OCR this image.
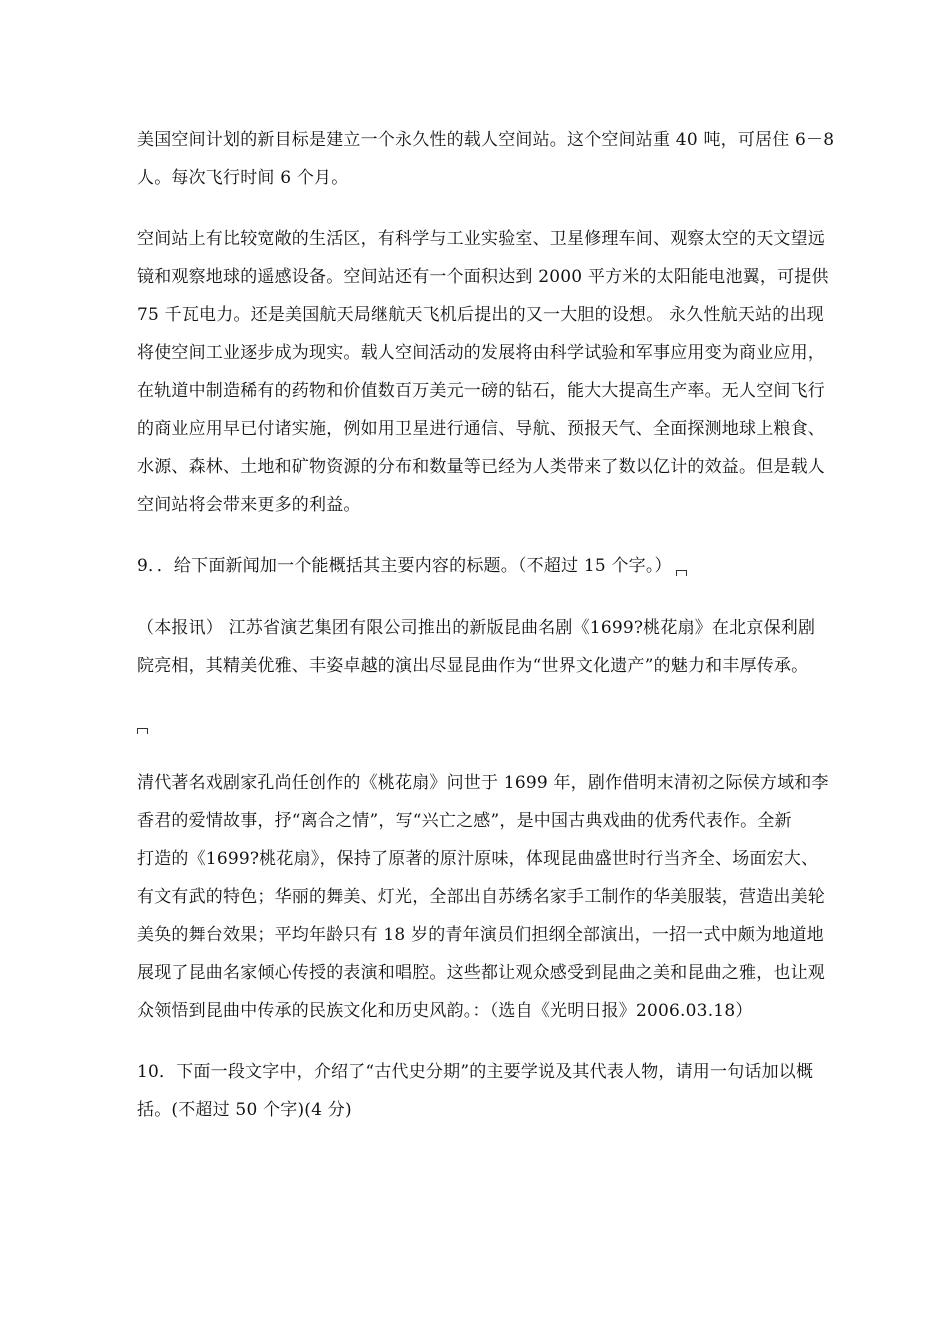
美国空间计划的新目标是建立一个永久性的载人空间站。这个空间站重 40 吨，可居住 6－8
人。每次飞行时间 6 个月。
空间站上有比较宽敞的生活区，有科学与工业实验室、卫星修理车间、观察太空的天文望远
镜和观察地球的遥感设备。空间站还有一个面积达到 2000 平方米的太阳能电池翼，可提供
75 千瓦电力。还是美国航天局继航天飞机后提出的又一大胆的设想。 永久性航天站的出现
将使空间工业逐步成为现实。载人空间活动的发展将由科学试验和军事应用变为商业应用，
在轨道中制造稀有的药物和价值数百万美元一磅的钻石，能大大提高生产率。无人空间飞行
的商业应用早已付诸实施，例如用卫星进行通信、导航、预报天气、全面探测地球上粮食、
水源、森林、土地和矿物资源的分布和数量等已经为人类带来了数以亿计的效益。但是载人
空间站将会带来更多的利益。
9．．给下面新闻加一个能概括其主要内容的标题。（不超过 15 个字。）
（本报讯） 江苏省演艺集团有限公司推出的新版昆曲名剧《1699?桃花扇》在北京保利剧
院亮相，其精美优雅、丰姿卓越的演出尽显昆曲作为“世界文化遗产”的魅力和丰厚传承。
清代著名戏剧家孔尚任创作的《桃花扇》问世于 1699 年，剧作借明末清初之际侯方域和李
香君的爱情故事，抒“离合之情”，写“兴亡之感”，是中国古典戏曲的优秀代表作。全新
打造的《1699?桃花扇》，保持了原著的原汁原味，体现昆曲盛世时行当齐全、场面宏大、
有文有武的特色；华丽的舞美、灯光，全部出自苏绣名家手工制作的华美服装，营造出美轮
美奂的舞台效果；平均年龄只有 18 岁的青年演员们担纲全部演出，一招一式中颇为地道地
展现了昆曲名家倾心传授的表演和唱腔。这些都让观众感受到昆曲之美和昆曲之雅，也让观
众领悟到昆曲中传承的民族文化和历史风韵。：（选自《光明日报》2006.03.18）
10．下面一段文字中，介绍了“古代史分期”的主要学说及其代表人物，请用一句话加以概
括。(不超过 50 个字)(4 分)
